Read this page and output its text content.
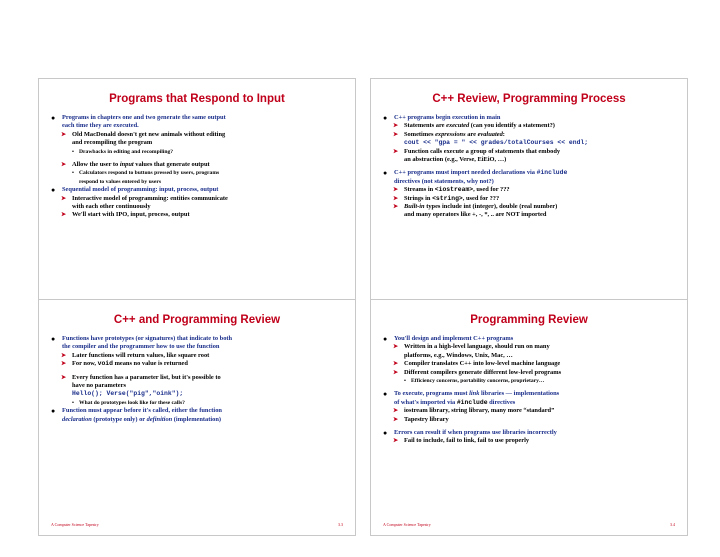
Programs that Respond to Input
● Programs in chapters one and two generate the same output
each time they are executed.
➤ Old MacDonald doesn't get new animals without editing
and recompiling the program
• Drawbacks in editing and recompiling?
➤ Allow the user to input values that generate output
• Calculators respond to buttons pressed by users, programs
respond to values entered by users
● Sequential model of programming: input, process, output
➤ Interactive model of programming: entities communicate
with each other continuously
➤ We'll start with IPO, input, process, output
C++ Review, Programming Process
● C++ programs begin execution in main
➤ Statements are executed (can you identify a statement?)
➤ Sometimes expressions are evaluated:
cout << "gpa = " << grades/totalCourses << endl;
➤ Function calls execute a group of statements that embody
an abstraction (e.g., Verse, EiEiO, …)
● C++ programs must import needed declarations via #include
directives (not statements, why not?)
➤ Streams in <iostream>, used for ???
➤ Strings in <string>, used for ???
➤ Built-in types include int (integer), double (real number)
and many operators like +, -, *, .. are NOT imported
C++ and Programming Review
● Functions have prototypes (or signatures) that indicate to both
the compiler and the programmer how to use the function
➤ Later functions will return values, like square root
➤ For now, void means no value is returned
➤ Every function has a parameter list, but it's possible to
have no parameters
Hello(); Verse("pig","oink");
• What do prototypes look like for these calls?
● Function must appear before it's called, either the function
declaration (prototype only) or definition (implementation)
A Computer Science Tapestry	3.3
Programming Review
● You'll design and implement C++ programs
➤ Written in a high-level language, should run on many
platforms, e.g., Windows, Unix, Mac, …
➤ Compiler translates C++ into low-level machine language
➤ Different compilers generate different low-level programs
• Efficiency concerns, portability concerns, proprietary…
● To execute, programs must link libraries — implementations
of what's imported via #include directives
➤ iostream library, string library, many more “standard”
➤ Tapestry library
● Errors can result if when programs use libraries incorrectly
➤ Fail to include, fail to link, fail to use properly
A Computer Science Tapestry	3.4
